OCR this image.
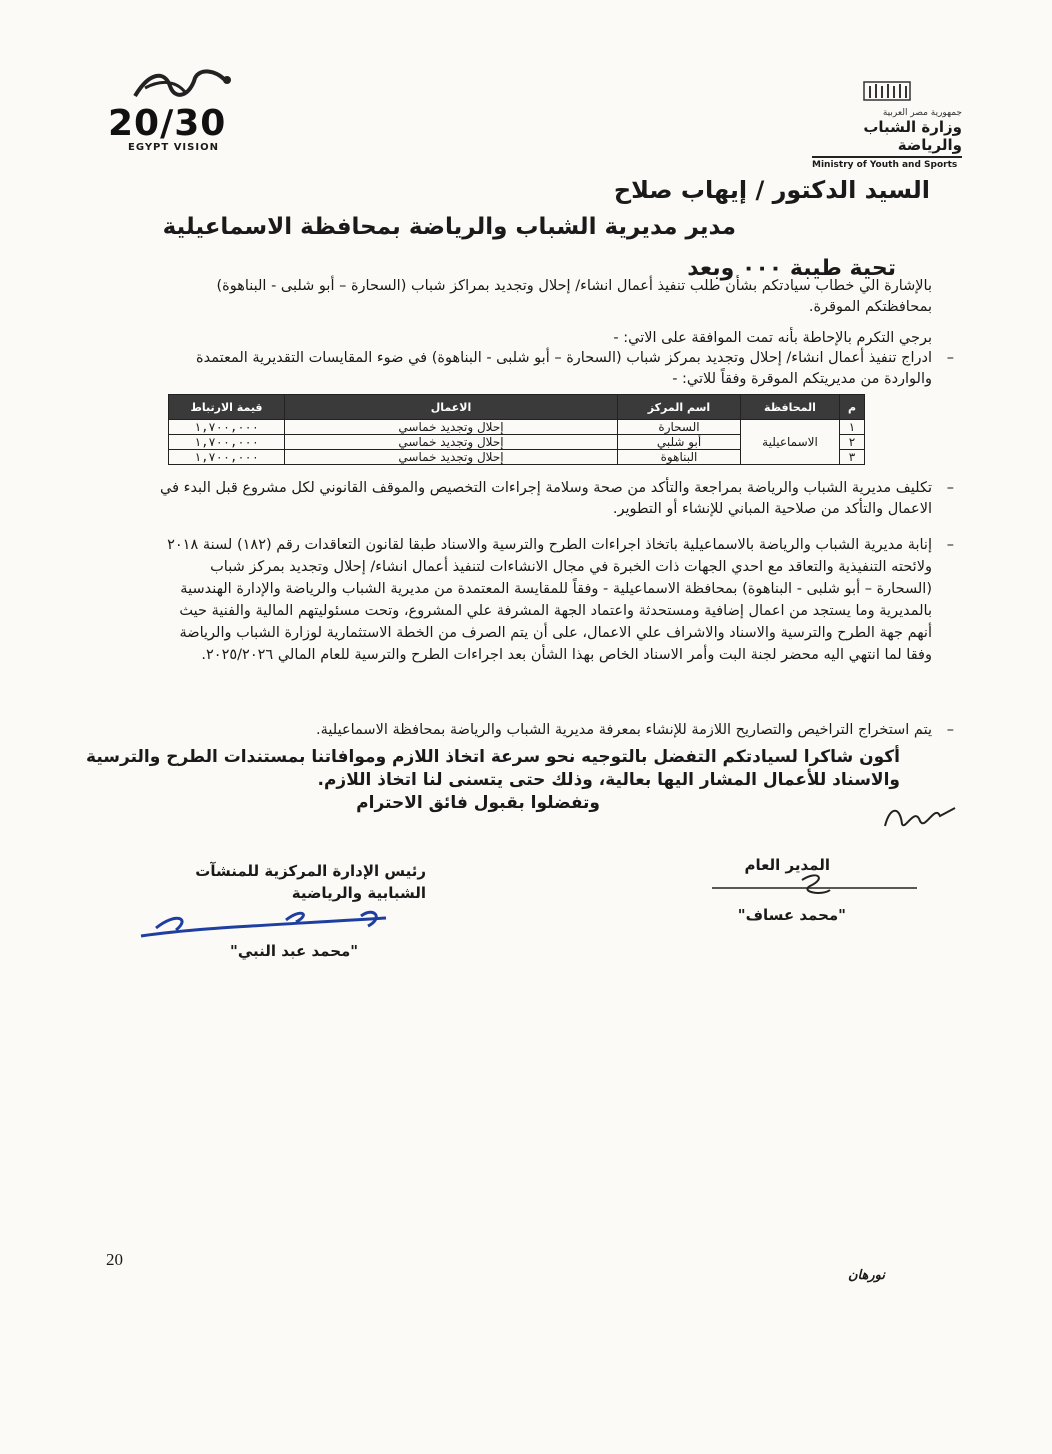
20/30
EGYPT VISION
جمهورية مصر العربية
وزارة الشباب والرياضة
Ministry of Youth and Sports
السيد الدكتور / إيهاب صلاح
مدير مديرية الشباب والرياضة بمحافظة الاسماعيلية
تحية طيبة ٠٠٠ وبعد
بالإشارة الي خطاب سيادتكم بشأن طلب تنفيذ أعمال انشاء/ إحلال وتجديد بمراكز شباب (السحارة – أبو شلبى - البناهوة) بمحافظتكم الموقرة.
برجي التكرم بالإحاطة بأنه تمت الموافقة على الاتي: -
– ادراج تنفيذ أعمال انشاء/ إحلال وتجديد بمركز شباب (السحارة – أبو شلبى - البناهوة) في ضوء المقايسات التقديرية المعتمدة والواردة من مديريتكم الموقرة وفقاً للاتي: -
م	المحافظة	اسم المركز	الاعمال	قيمة الارتباط
١	الاسماعيلية	السحارة	إحلال وتجديد خماسي	١,٧٠٠,٠٠٠
٢		أبو شلبي	إحلال وتجديد خماسي	١,٧٠٠,٠٠٠
٣		البناهوة	إحلال وتجديد خماسي	١,٧٠٠,٠٠٠
– تكليف مديرية الشباب والرياضة بمراجعة والتأكد من صحة وسلامة إجراءات التخصيص والموقف القانوني لكل مشروع قبل البدء في الاعمال والتأكد من صلاحية المباني للإنشاء أو التطوير.
– إنابة مديرية الشباب والرياضة بالاسماعيلية باتخاذ اجراءات الطرح والترسية والاسناد طبقا لقانون التعاقدات رقم (١٨٢) لسنة ٢٠١٨ ولائحته التنفيذية والتعاقد مع احدي الجهات ذات الخبرة في مجال الانشاءات لتنفيذ أعمال انشاء/ إحلال وتجديد بمركز شباب (السحارة – أبو شلبى - البناهوة) بمحافظة الاسماعيلية - وفقاً للمقايسة المعتمدة من مديرية الشباب والرياضة والإدارة الهندسية بالمديرية وما يستجد من اعمال إضافية ومستحدثة واعتماد الجهة المشرفة علي المشروع، وتحت مسئوليتهم المالية والفنية حيث أنهم جهة الطرح والترسية والاسناد والاشراف علي الاعمال، على أن يتم الصرف من الخطة الاستثمارية لوزارة الشباب والرياضة وفقا لما انتهي اليه محضر لجنة البت وأمر الاسناد الخاص بهذا الشأن بعد اجراءات الطرح والترسية للعام المالي ٢٠٢٥/٢٠٢٦.
– يتم استخراج التراخيص والتصاريح اللازمة للإنشاء بمعرفة مديرية الشباب والرياضة بمحافظة الاسماعيلية.
أكون شاكرا لسيادتكم التفضل بالتوجيه نحو سرعة اتخاذ اللازم وموافاتنا بمستندات الطرح والترسية والاسناد للأعمال المشار اليها بعالية، وذلك حتى يتسنى لنا اتخاذ اللازم.
وتفضلوا بقبول فائق الاحترام
المدير العام
"محمد عساف"
رئيس الإدارة المركزية للمنشآت الشبابية والرياضية
"محمد عبد النبي"
20
نورهان
